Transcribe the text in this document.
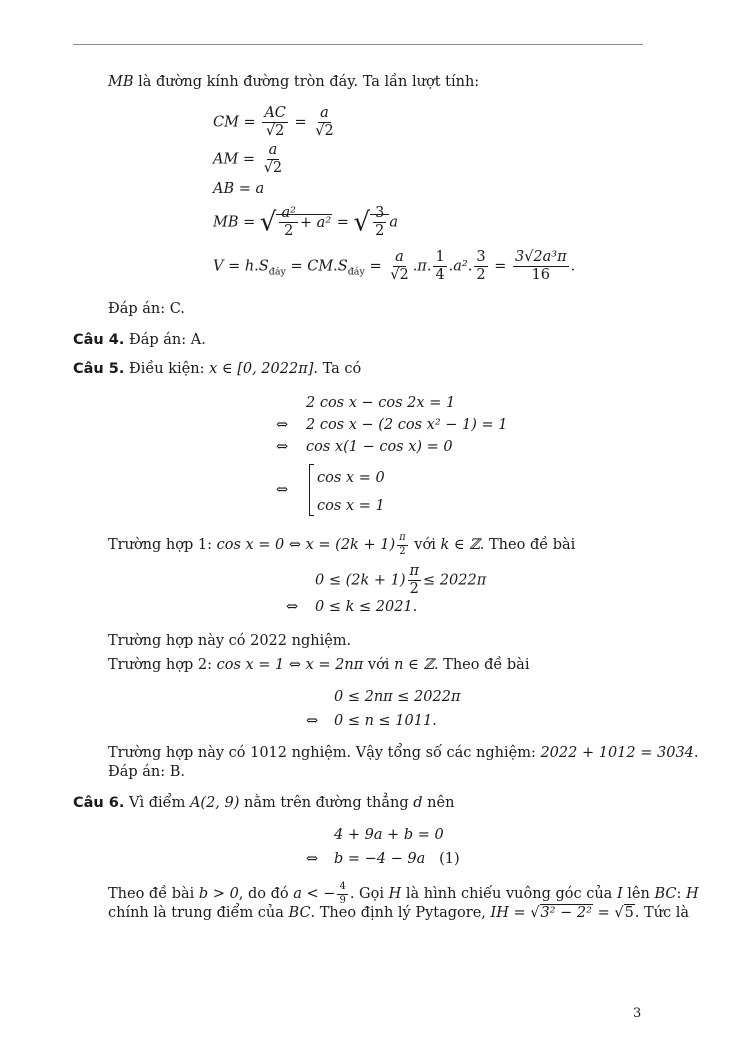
MB là đường kính đường tròn đáy. Ta lần lượt tính:
CM = $\frac{AC}{√2} = \frac{a}{√2}$
AM = $\frac{a}{√2}$
AB = a
MB = √ $\frac{\text{a²}}{2} + a^2$ = √ $\frac{3}{2}$ a
$V = h.S_{đáy} = CM.S_{đáy} = \frac{a}{√2} .\pi$. $\frac{1}{4} .a^2$. $\frac{3}{2} = \frac{\text{3√2a³π}}{16}$ .
Đáp án: C.
Câu 4. Đáp án: A.
Câu 5. Điều kiện: x ∈ [0, 2022π]. Ta có
2 cos x − cos 2x = 1
⇔ 2 cos x − (2 cos x² − 1) = 1
⇔ cos x(1 − cos x) = 0
⇔
cos x = 0
cos x = 1
Trường hợp 1: cos x = 0 ⇔ $x = (2k + 1) \frac{\pi}{2}$ với k ∈ ℤ. Theo đề bài
$0 \le (2k + 1) \frac{\pi}{2} \le 2022\pi$
⇔ 0 ≤ k ≤ 2021.
Trường hợp này có 2022 nghiệm.
Trường hợp 2: cos x = 1 ⇔ x = 2nπ với n ∈ ℤ. Theo đề bài
0 ≤ 2nπ ≤ 2022π
⇔ 0 ≤ n ≤ 1011.
Trường hợp này có 1012 nghiệm. Vậy tổng số các nghiệm: 2022 + 1012 = 3034.
Đáp án: B.
Câu 6. Vì điểm A(2, 9) nằm trên đường thẳng d nên
4 + 9a + b = 0
⇔ b = −4 − 9a (1)
Theo đề bài b > 0, do đó a < − $\frac{4}{9}$ . Gọi H là hình chiếu vuông góc của I lên BC: H
chính là trung điểm của BC. Theo định lý Pytagore, IH = √3² − 2² = √5. Tức là
3
